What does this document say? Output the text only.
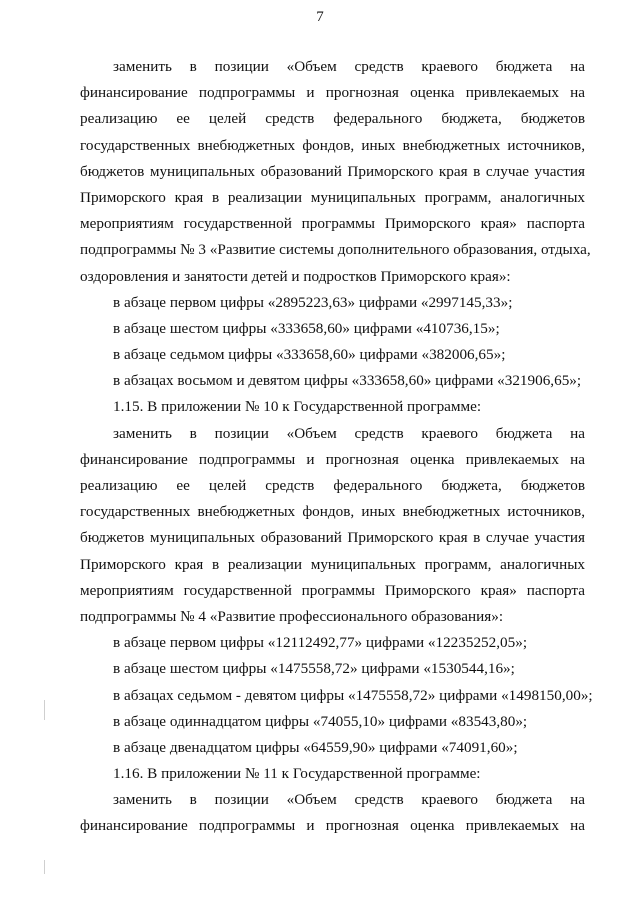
7
заменить в позиции «Объем средств краевого бюджета на
финансирование подпрограммы и прогнозная оценка привлекаемых на
реализацию ее целей средств федерального бюджета, бюджетов
государственных внебюджетных фондов, иных внебюджетных источников,
бюджетов муниципальных образований Приморского края в случае участия
Приморского края в реализации муниципальных программ, аналогичных
мероприятиям государственной программы Приморского края» паспорта
подпрограммы № 3 «Развитие системы дополнительного образования, отдыха,
оздоровления и занятости детей и подростков Приморского края»:
в абзаце первом цифры «2895223,63» цифрами «2997145,33»;
в абзаце шестом цифры «333658,60» цифрами «410736,15»;
в абзаце седьмом цифры «333658,60» цифрами «382006,65»;
в абзацах восьмом и девятом цифры «333658,60» цифрами «321906,65»;
1.15. В приложении № 10 к Государственной программе:
заменить в позиции «Объем средств краевого бюджета на
финансирование подпрограммы и прогнозная оценка привлекаемых на
реализацию ее целей средств федерального бюджета, бюджетов
государственных внебюджетных фондов, иных внебюджетных источников,
бюджетов муниципальных образований Приморского края в случае участия
Приморского края в реализации муниципальных программ, аналогичных
мероприятиям государственной программы Приморского края» паспорта
подпрограммы № 4 «Развитие профессионального образования»:
в абзаце первом цифры «12112492,77» цифрами «12235252,05»;
в абзаце шестом цифры «1475558,72» цифрами «1530544,16»;
в абзацах седьмом - девятом цифры «1475558,72» цифрами «1498150,00»;
в абзаце одиннадцатом цифры «74055,10» цифрами «83543,80»;
в абзаце двенадцатом цифры «64559,90» цифрами «74091,60»;
1.16. В приложении № 11 к Государственной программе:
заменить в позиции «Объем средств краевого бюджета на
финансирование подпрограммы и прогнозная оценка привлекаемых на
